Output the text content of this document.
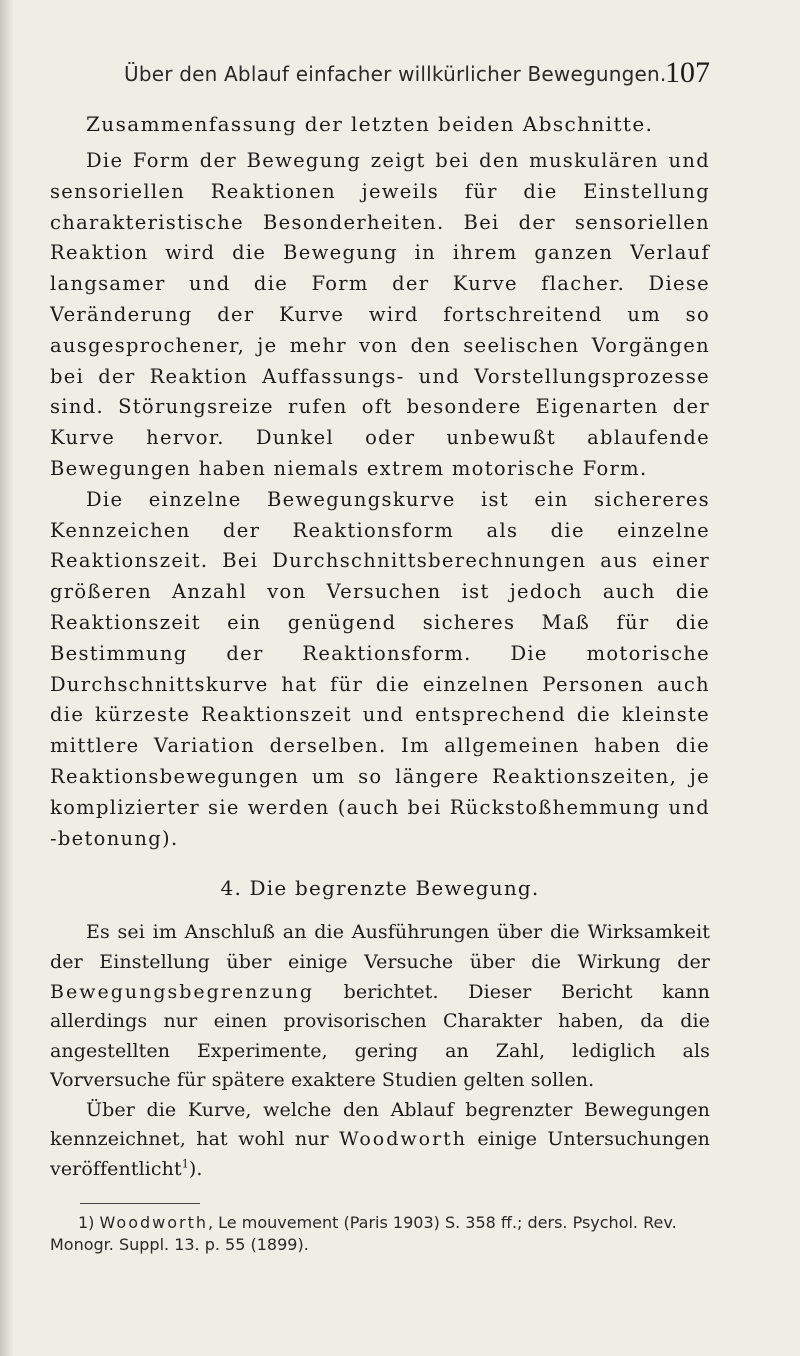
Über den Ablauf einfacher willkürlicher Bewegungen.
107
Zusammenfassung der letzten beiden Abschnitte.

Die Form der Bewegung zeigt bei den muskulären und sensoriellen Reaktionen jeweils für die Einstellung charakteristische Besonderheiten. Bei der sensoriellen Reaktion wird die Bewegung in ihrem ganzen Verlauf langsamer und die Form der Kurve flacher. Diese Veränderung der Kurve wird fortschreitend um so ausgesprochener, je mehr von den seelischen Vorgängen bei der Reaktion Auffassungs- und Vorstellungsprozesse sind. Störungsreize rufen oft besondere Eigenarten der Kurve hervor. Dunkel oder unbewußt ablaufende Bewegungen haben niemals extrem motorische Form.

Die einzelne Bewegungskurve ist ein sichereres Kennzeichen der Reaktionsform als die einzelne Reaktionszeit. Bei Durchschnittsberechnungen aus einer größeren Anzahl von Versuchen ist jedoch auch die Reaktionszeit ein genügend sicheres Maß für die Bestimmung der Reaktionsform. Die motorische Durchschnittskurve hat für die einzelnen Personen auch die kürzeste Reaktionszeit und entsprechend die kleinste mittlere Variation derselben. Im allgemeinen haben die Reaktionsbewegungen um so längere Reaktionszeiten, je komplizierter sie werden (auch bei Rückstoßhemmung und -betonung).

4. Die begrenzte Bewegung.

Es sei im Anschluß an die Ausführungen über die Wirksamkeit der Einstellung über einige Versuche über die Wirkung der Bewegungsbegrenzung berichtet. Dieser Bericht kann allerdings nur einen provisorischen Charakter haben, da die angestellten Experimente, gering an Zahl, lediglich als Vorversuche für spätere exaktere Studien gelten sollen.

Über die Kurve, welche den Ablauf begrenzter Bewegungen kennzeichnet, hat wohl nur Woodworth einige Untersuchungen veröffentlicht$^1$).

1) Woodworth, Le mouvement (Paris 1903) S. 358 ff.; ders. Psychol. Rev. Monogr. Suppl. 13. p. 55 (1899).
